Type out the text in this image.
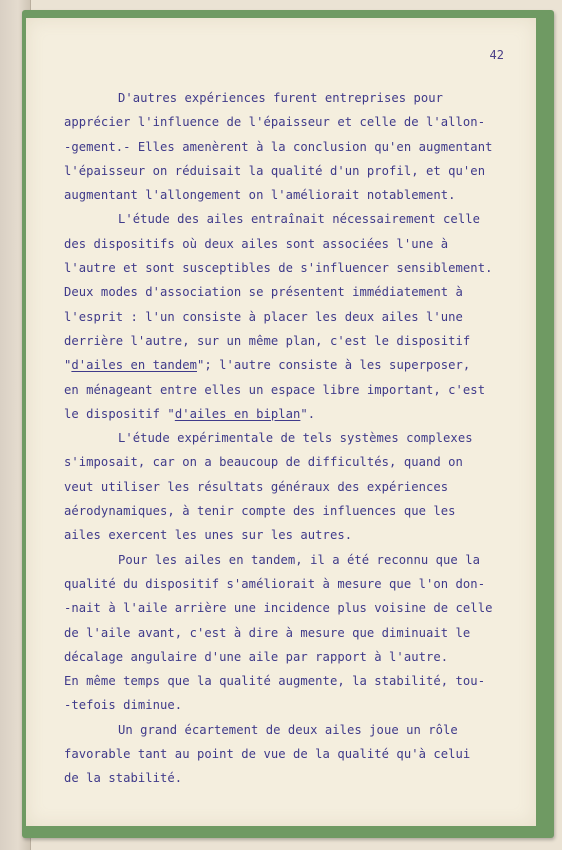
42
D'autres expériences furent entreprises pour
apprécier l'influence de l'épaisseur et celle de l'allon-
-gement.- Elles amenèrent à la conclusion qu'en augmentant
l'épaisseur on réduisait la qualité d'un profil, et qu'en
augmentant l'allongement on l'améliorait notablement.
L'étude des ailes entraînait nécessairement celle
des dispositifs où deux ailes sont associées l'une à
l'autre et sont susceptibles de s'influencer sensiblement.
Deux modes d'association se présentent immédiatement à
l'esprit : l'un consiste à placer les deux ailes l'une
derrière l'autre, sur un même plan, c'est le dispositif
"d'ailes en tandem"; l'autre consiste à les superposer,
en ménageant entre elles un espace libre important, c'est
le dispositif "d'ailes en biplan".
L'étude expérimentale de tels systèmes complexes
s'imposait, car on a beaucoup de difficultés, quand on
veut utiliser les résultats généraux des expériences
aérodynamiques, à tenir compte des influences que les
ailes exercent les unes sur les autres.
Pour les ailes en tandem, il a été reconnu que la
qualité du dispositif s'améliorait à mesure que l'on don-
-nait à l'aile arrière une incidence plus voisine de celle
de l'aile avant, c'est à dire à mesure que diminuait le
décalage angulaire d'une aile par rapport à l'autre.
En même temps que la qualité augmente, la stabilité, tou-
-tefois diminue.
Un grand écartement de deux ailes joue un rôle
favorable tant au point de vue de la qualité qu'à celui
de la stabilité.
